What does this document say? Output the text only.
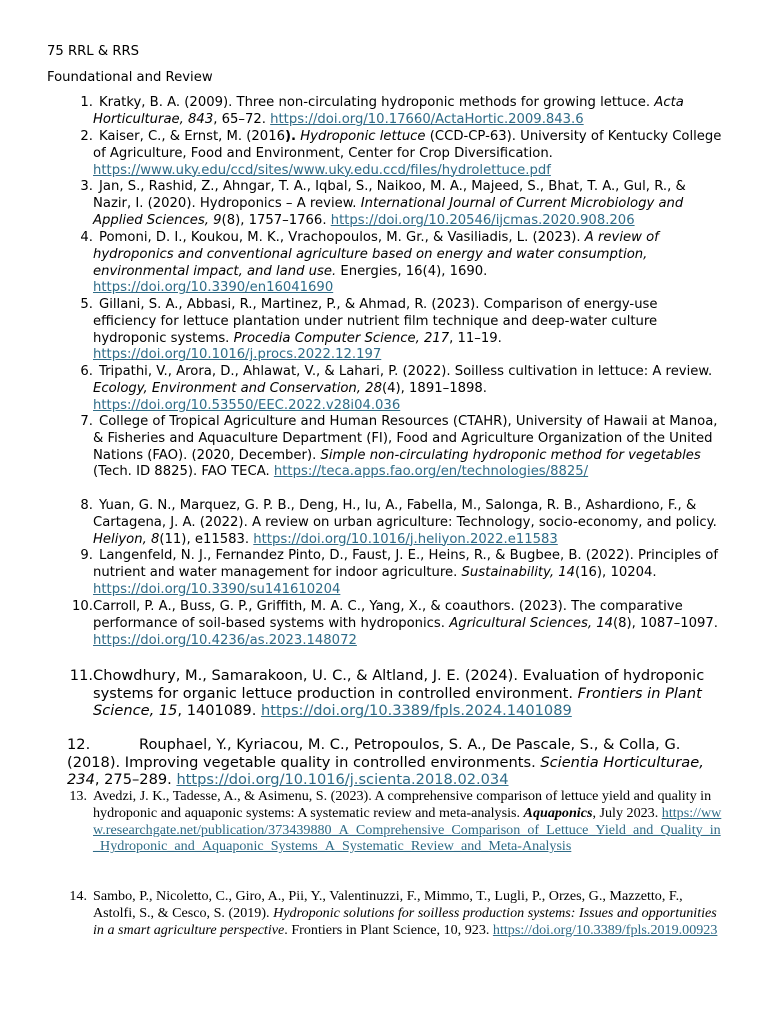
75 RRL & RRS
Foundational and Review
1. Kratky, B. A. (2009). Three non-circulating hydroponic methods for growing lettuce. Acta Horticulturae, 843, 65–72. https://doi.org/10.17660/ActaHortic.2009.843.6
2. Kaiser, C., & Ernst, M. (2016). Hydroponic lettuce (CCD-CP-63). University of Kentucky College of Agriculture, Food and Environment, Center for Crop Diversification. https://www.uky.edu/ccd/sites/www.uky.edu.ccd/files/hydrolettuce.pdf
3. Jan, S., Rashid, Z., Ahngar, T. A., Iqbal, S., Naikoo, M. A., Majeed, S., Bhat, T. A., Gul, R., & Nazir, I. (2020). Hydroponics – A review. International Journal of Current Microbiology and Applied Sciences, 9(8), 1757–1766. https://doi.org/10.20546/ijcmas.2020.908.206
4. Pomoni, D. I., Koukou, M. K., Vrachopoulos, M. Gr., & Vasiliadis, L. (2023). A review of hydroponics and conventional agriculture based on energy and water consumption, environmental impact, and land use. Energies, 16(4), 1690. https://doi.org/10.3390/en16041690
5. Gillani, S. A., Abbasi, R., Martinez, P., & Ahmad, R. (2023). Comparison of energy-use efficiency for lettuce plantation under nutrient film technique and deep-water culture hydroponic systems. Procedia Computer Science, 217, 11–19. https://doi.org/10.1016/j.procs.2022.12.197
6. Tripathi, V., Arora, D., Ahlawat, V., & Lahari, P. (2022). Soilless cultivation in lettuce: A review. Ecology, Environment and Conservation, 28(4), 1891–1898. https://doi.org/10.53550/EEC.2022.v28i04.036
7. College of Tropical Agriculture and Human Resources (CTAHR), University of Hawaii at Manoa, & Fisheries and Aquaculture Department (FI), Food and Agriculture Organization of the United Nations (FAO). (2020, December). Simple non-circulating hydroponic method for vegetables (Tech. ID 8825). FAO TECA. https://teca.apps.fao.org/en/technologies/8825/
8. Yuan, G. N., Marquez, G. P. B., Deng, H., Iu, A., Fabella, M., Salonga, R. B., Ashardiono, F., & Cartagena, J. A. (2022). A review on urban agriculture: Technology, socio-economy, and policy. Heliyon, 8(11), e11583. https://doi.org/10.1016/j.heliyon.2022.e11583
9. Langenfeld, N. J., Fernandez Pinto, D., Faust, J. E., Heins, R., & Bugbee, B. (2022). Principles of nutrient and water management for indoor agriculture. Sustainability, 14(16), 10204. https://doi.org/10.3390/su141610204
10. Carroll, P. A., Buss, G. P., Griffith, M. A. C., Yang, X., & coauthors. (2023). The comparative performance of soil-based systems with hydroponics. Agricultural Sciences, 14(8), 1087–1097. https://doi.org/10.4236/as.2023.148072
11. Chowdhury, M., Samarakoon, U. C., & Altland, J. E. (2024). Evaluation of hydroponic systems for organic lettuce production in controlled environment. Frontiers in Plant Science, 15, 1401089. https://doi.org/10.3389/fpls.2024.1401089
12.	Rouphael, Y., Kyriacou, M. C., Petropoulos, S. A., De Pascale, S., & Colla, G. (2018). Improving vegetable quality in controlled environments. Scientia Horticulturae, 234, 275–289. https://doi.org/10.1016/j.scienta.2018.02.034
13. Avedzi, J. K., Tadesse, A., & Asimenu, S. (2023). A comprehensive comparison of lettuce yield and quality in hydroponic and aquaponic systems: A systematic review and meta-analysis. Aquaponics, July 2023. https://www.researchgate.net/publication/373439880_A_Comprehensive_Comparison_of_Lettuce_Yield_and_Quality_in_Hydroponic_and_Aquaponic_Systems_A_Systematic_Review_and_Meta-Analysis
14. Sambo, P., Nicoletto, C., Giro, A., Pii, Y., Valentinuzzi, F., Mimmo, T., Lugli, P., Orzes, G., Mazzetto, F., Astolfi, S., & Cesco, S. (2019). Hydroponic solutions for soilless production systems: Issues and opportunities in a smart agriculture perspective. Frontiers in Plant Science, 10, 923. https://doi.org/10.3389/fpls.2019.00923
